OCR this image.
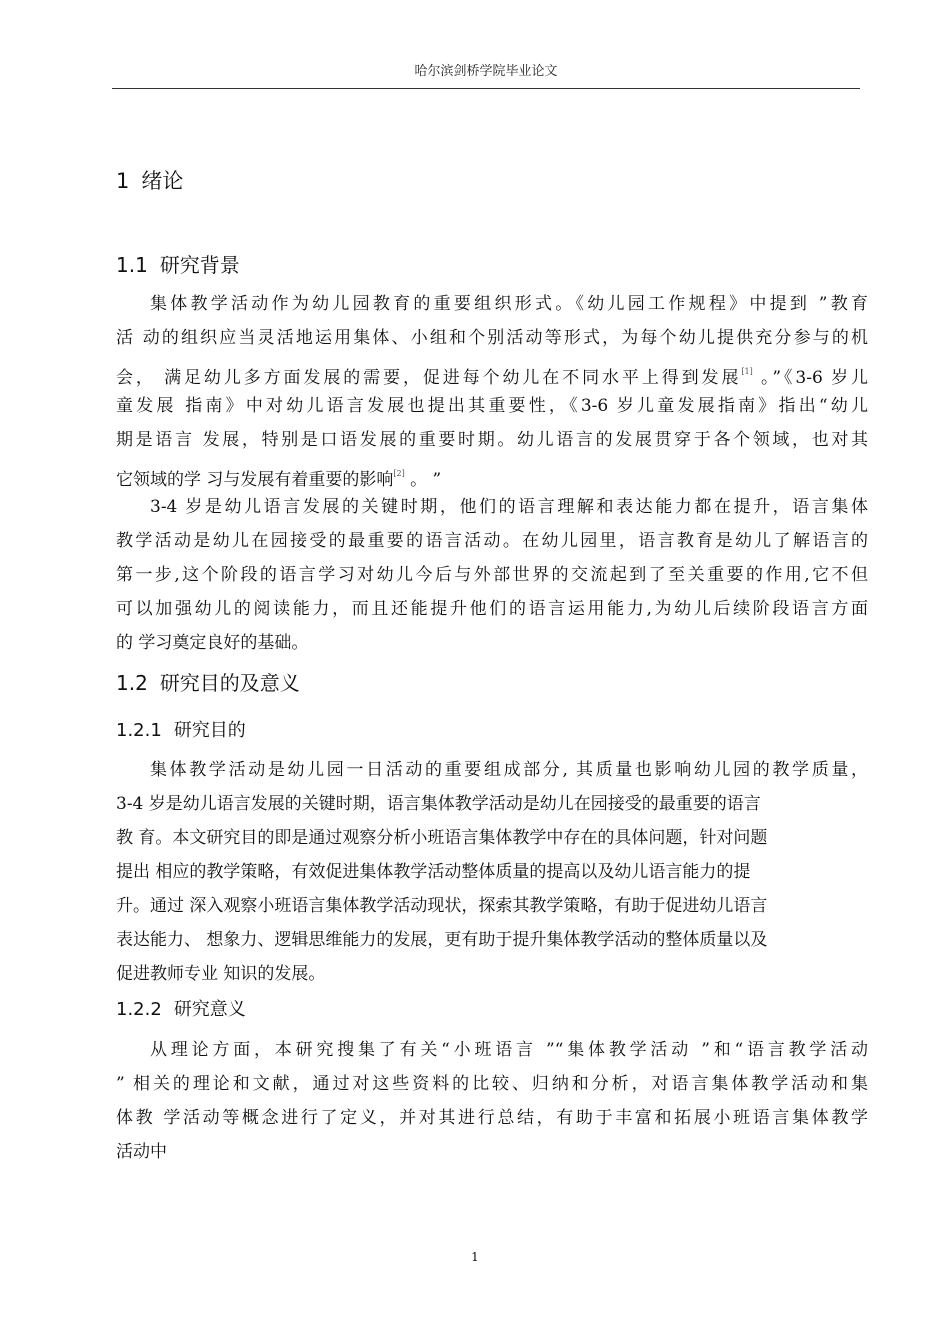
哈尔滨剑桥学院毕业论文
1 绪论
1.1 研究背景
集体教学活动作为幼儿园教育的重要组织形式。《幼儿园工作规程》中提到 ”教育
活 动的组织应当灵活地运用集体、小组和个别活动等形式，为每个幼儿提供充分参与的机
会， 满足幼儿多方面发展的需要，促进每个幼儿在不同水平上得到发展[1] 。”《3-6 岁儿
童发展 指南》中对幼儿语言发展也提出其重要性，《3-6 岁儿童发展指南》指出“幼儿
期是语言 发展，特别是口语发展的重要时期。幼儿语言的发展贯穿于各个领域，也对其
它领域的学 习与发展有着重要的影响[2] 。 ”
3-4 岁是幼儿语言发展的关键时期，他们的语言理解和表达能力都在提升，语言集体
教学活动是幼儿在园接受的最重要的语言活动。在幼儿园里，语言教育是幼儿了解语言的
第一步,这个阶段的语言学习对幼儿今后与外部世界的交流起到了至关重要的作用,它不但
可以加强幼儿的阅读能力，而且还能提升他们的语言运用能力,为幼儿后续阶段语言方面
的 学习奠定良好的基础。
1.2 研究目的及意义
1.2.1 研究目的
集体教学活动是幼儿园一日活动的重要组成部分, 其质量也影响幼儿园的教学质量，
3-4 岁是幼儿语言发展的关键时期，语言集体教学活动是幼儿在园接受的最重要的语言
教 育。本文研究目的即是通过观察分析小班语言集体教学中存在的具体问题，针对问题
提出 相应的教学策略，有效促进集体教学活动整体质量的提高以及幼儿语言能力的提
升。通过 深入观察小班语言集体教学活动现状，探索其教学策略，有助于促进幼儿语言
表达能力、 想象力、逻辑思维能力的发展，更有助于提升集体教学活动的整体质量以及
促进教师专业 知识的发展。
1.2.2 研究意义
从理论方面，本研究搜集了有关“小班语言 ”“集体教学活动 ”和“语言教学活动
” 相关的理论和文献，通过对这些资料的比较、归纳和分析，对语言集体教学活动和集
体教 学活动等概念进行了定义，并对其进行总结，有助于丰富和拓展小班语言集体教学
活动中
1
